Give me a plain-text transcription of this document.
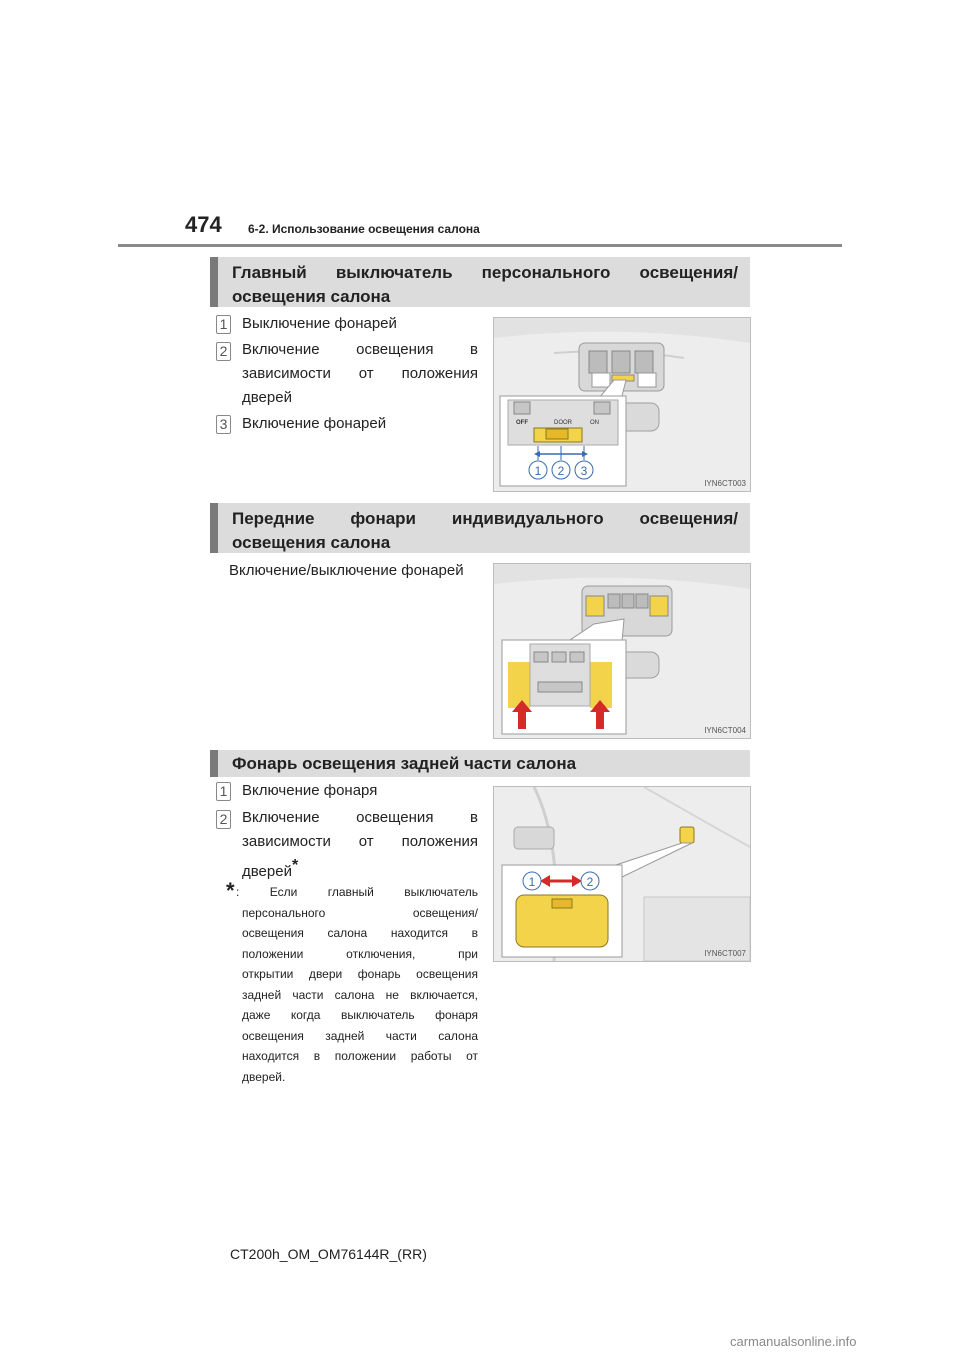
474 6-2. Использование освещения салона
Главный выключатель персонального освещения/
освещения салона
1 Выключение фонарей
2 Включение освещения в
зависимости от положения
дверей
3 Включение фонарей	OFF	DOOR	ON
1 2 3
IYN6CT003
Передние фонари индивидуального освещения/
освещения салона
Включение/выключение фонарей
IYN6CT004
Фонарь освещения задней части салона
1 Включение фонаря
2 Включение освещения в
зависимости от положения
дверей*
* : Если главный выключатель
персонального освещения/
освещения салона находится в
положении отключения, при
открытии двери фонарь освещения
задней части салона не включается,
даже когда выключатель фонаря
освещения задней части салона
находится в положении работы от
дверей.
1	2
IYN6CT007
CT200h_OM_OM76144R_(RR)
carmanualsonline.info
